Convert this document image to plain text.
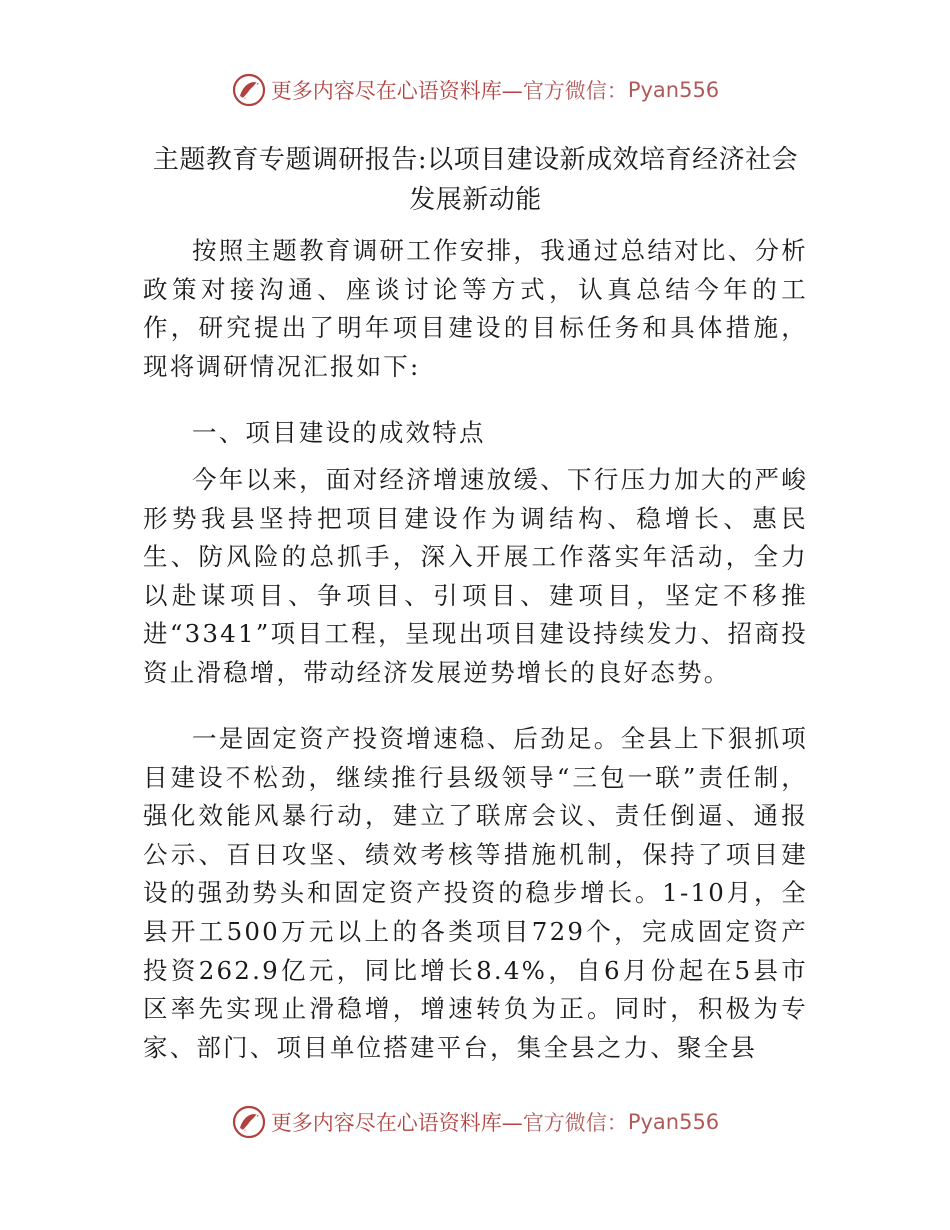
更多内容尽在心语资料库— 官方微信： Pyan556
主题教育专题调研报告:以项目建设新成效培育经济社会发展新动能

按照主题教育调研工作安排，我通过总结对比、分析政策对接沟通、座谈讨论等方式，认真总结今年的工作，研究提出了明年项目建设的目标任务和具体措施，现将调研情况汇报如下:

一、项目建设的成效特点

今年以来，面对经济增速放缓、下行压力加大的严峻形势我县坚持把项目建设作为调结构、稳增长、惠民生、防风险的总抓手，深入开展工作落实年活动，全力以赴谋项目、争项目、引项目、建项目，坚定不移推进“3341”项目工程，呈现出项目建设持续发力、招商投资止滑稳增，带动经济发展逆势增长的良好态势。

一是固定资产投资增速稳、后劲足。全县上下狠抓项目建设不松劲，继续推行县级领导“三包一联”责任制，强化效能风暴行动，建立了联席会议、责任倒逼、通报公示、百日攻坚、绩效考核等措施机制，保持了项目建设的强劲势头和固定资产投资的稳步增长。1-10月，全县开工500万元以上的各类项目729个，完成固定资产投资262.9亿元，同比增长8.4%，自6月份起在5县市区率先实现止滑稳增，增速转负为正。同时，积极为专家、部门、项目单位搭建平台，集全县之力、聚全县

更多内容尽在心语资料库— 官方微信： Pyan556
